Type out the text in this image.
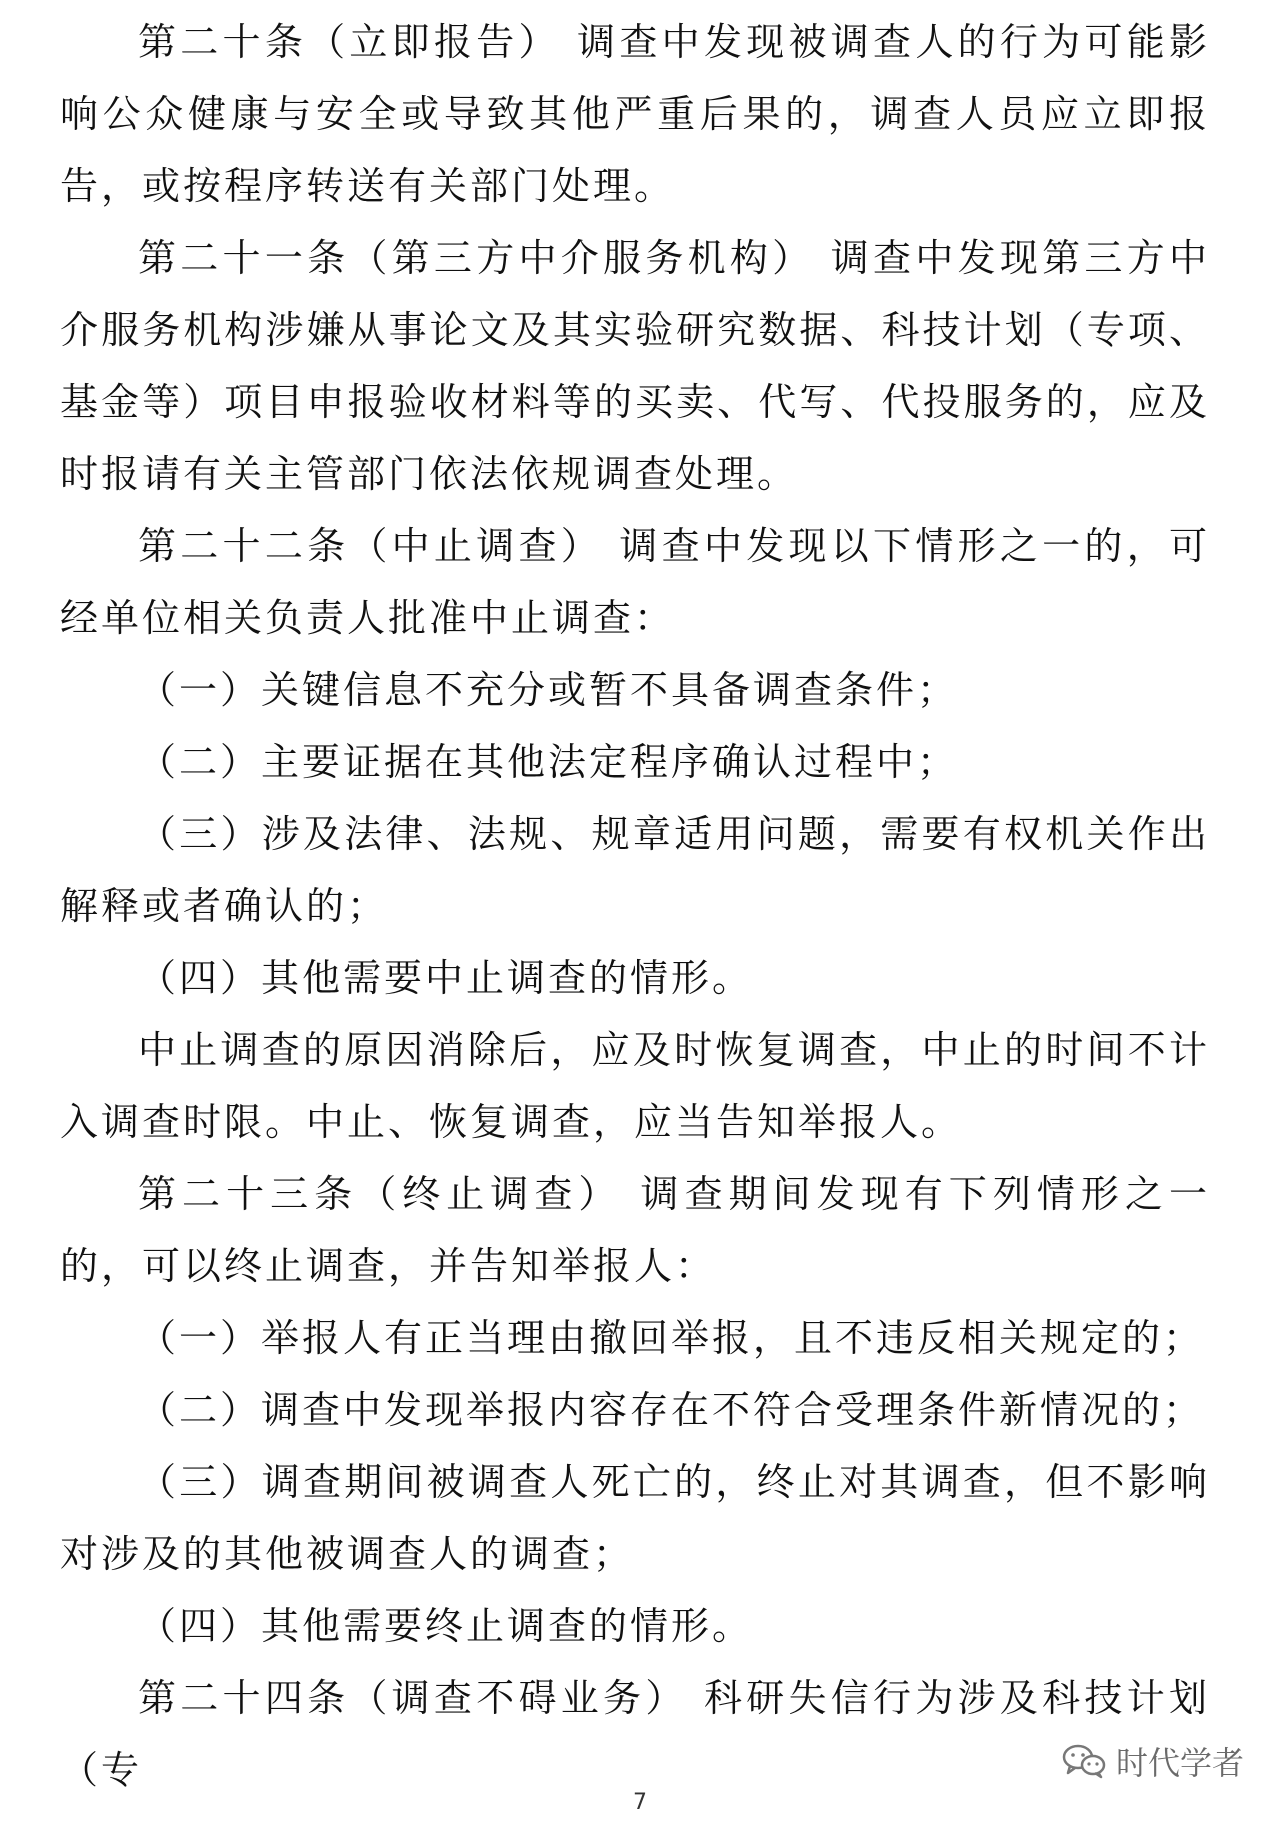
第二十条（立即报告） 调查中发现被调查人的行为可能影响公众健康与安全或导致其他严重后果的，调查人员应立即报告，或按程序转送有关部门处理。

第二十一条（第三方中介服务机构） 调查中发现第三方中介服务机构涉嫌从事论文及其实验研究数据、科技计划（专项、基金等）项目申报验收材料等的买卖、代写、代投服务的，应及时报请有关主管部门依法依规调查处理。

第二十二条（中止调查） 调查中发现以下情形之一的，可经单位相关负责人批准中止调查：

（一）关键信息不充分或暂不具备调查条件；

（二）主要证据在其他法定程序确认过程中；

（三）涉及法律、法规、规章适用问题，需要有权机关作出解释或者确认的；

（四）其他需要中止调查的情形。

中止调查的原因消除后，应及时恢复调查，中止的时间不计入调查时限。中止、恢复调查，应当告知举报人。

第二十三条（终止调查） 调查期间发现有下列情形之一的，可以终止调查，并告知举报人：

（一）举报人有正当理由撤回举报，且不违反相关规定的；

（二）调查中发现举报内容存在不符合受理条件新情况的；

（三）调查期间被调查人死亡的，终止对其调查，但不影响对涉及的其他被调查人的调查；

（四）其他需要终止调查的情形。

第二十四条（调查不碍业务） 科研失信行为涉及科技计划（专	时代学者
7
